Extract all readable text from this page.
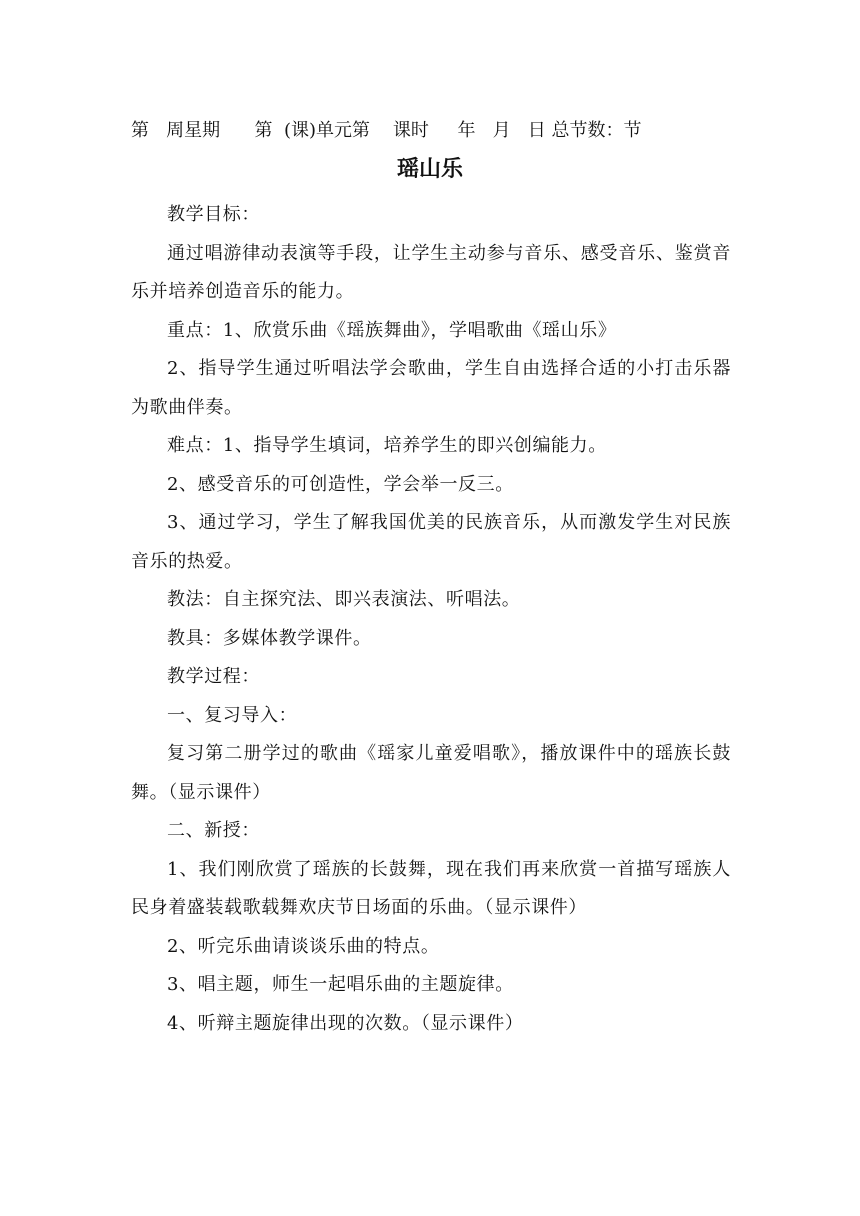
第   周星期      第  (课)单元第    课时     年   月   日 总节数：节
瑶山乐

教学目标：

通过唱游律动表演等手段，让学生主动参与音乐、感受音乐、鉴赏音乐并培养创造音乐的能力。

重点：1、欣赏乐曲《瑶族舞曲》，学唱歌曲《瑶山乐》

2、指导学生通过听唱法学会歌曲，学生自由选择合适的小打击乐器为歌曲伴奏。

难点：1、指导学生填词，培养学生的即兴创编能力。

2、感受音乐的可创造性，学会举一反三。

3、通过学习，学生了解我国优美的民族音乐，从而激发学生对民族音乐的热爱。

教法：自主探究法、即兴表演法、听唱法。

教具：多媒体教学课件。

教学过程：

一、复习导入：

复习第二册学过的歌曲《瑶家儿童爱唱歌》，播放课件中的瑶族长鼓舞。（显示课件）

二、新授：

1、我们刚欣赏了瑶族的长鼓舞，现在我们再来欣赏一首描写瑶族人民身着盛装载歌载舞欢庆节日场面的乐曲。（显示课件）

2、听完乐曲请谈谈乐曲的特点。

3、唱主题，师生一起唱乐曲的主题旋律。

4、听辩主题旋律出现的次数。（显示课件）
